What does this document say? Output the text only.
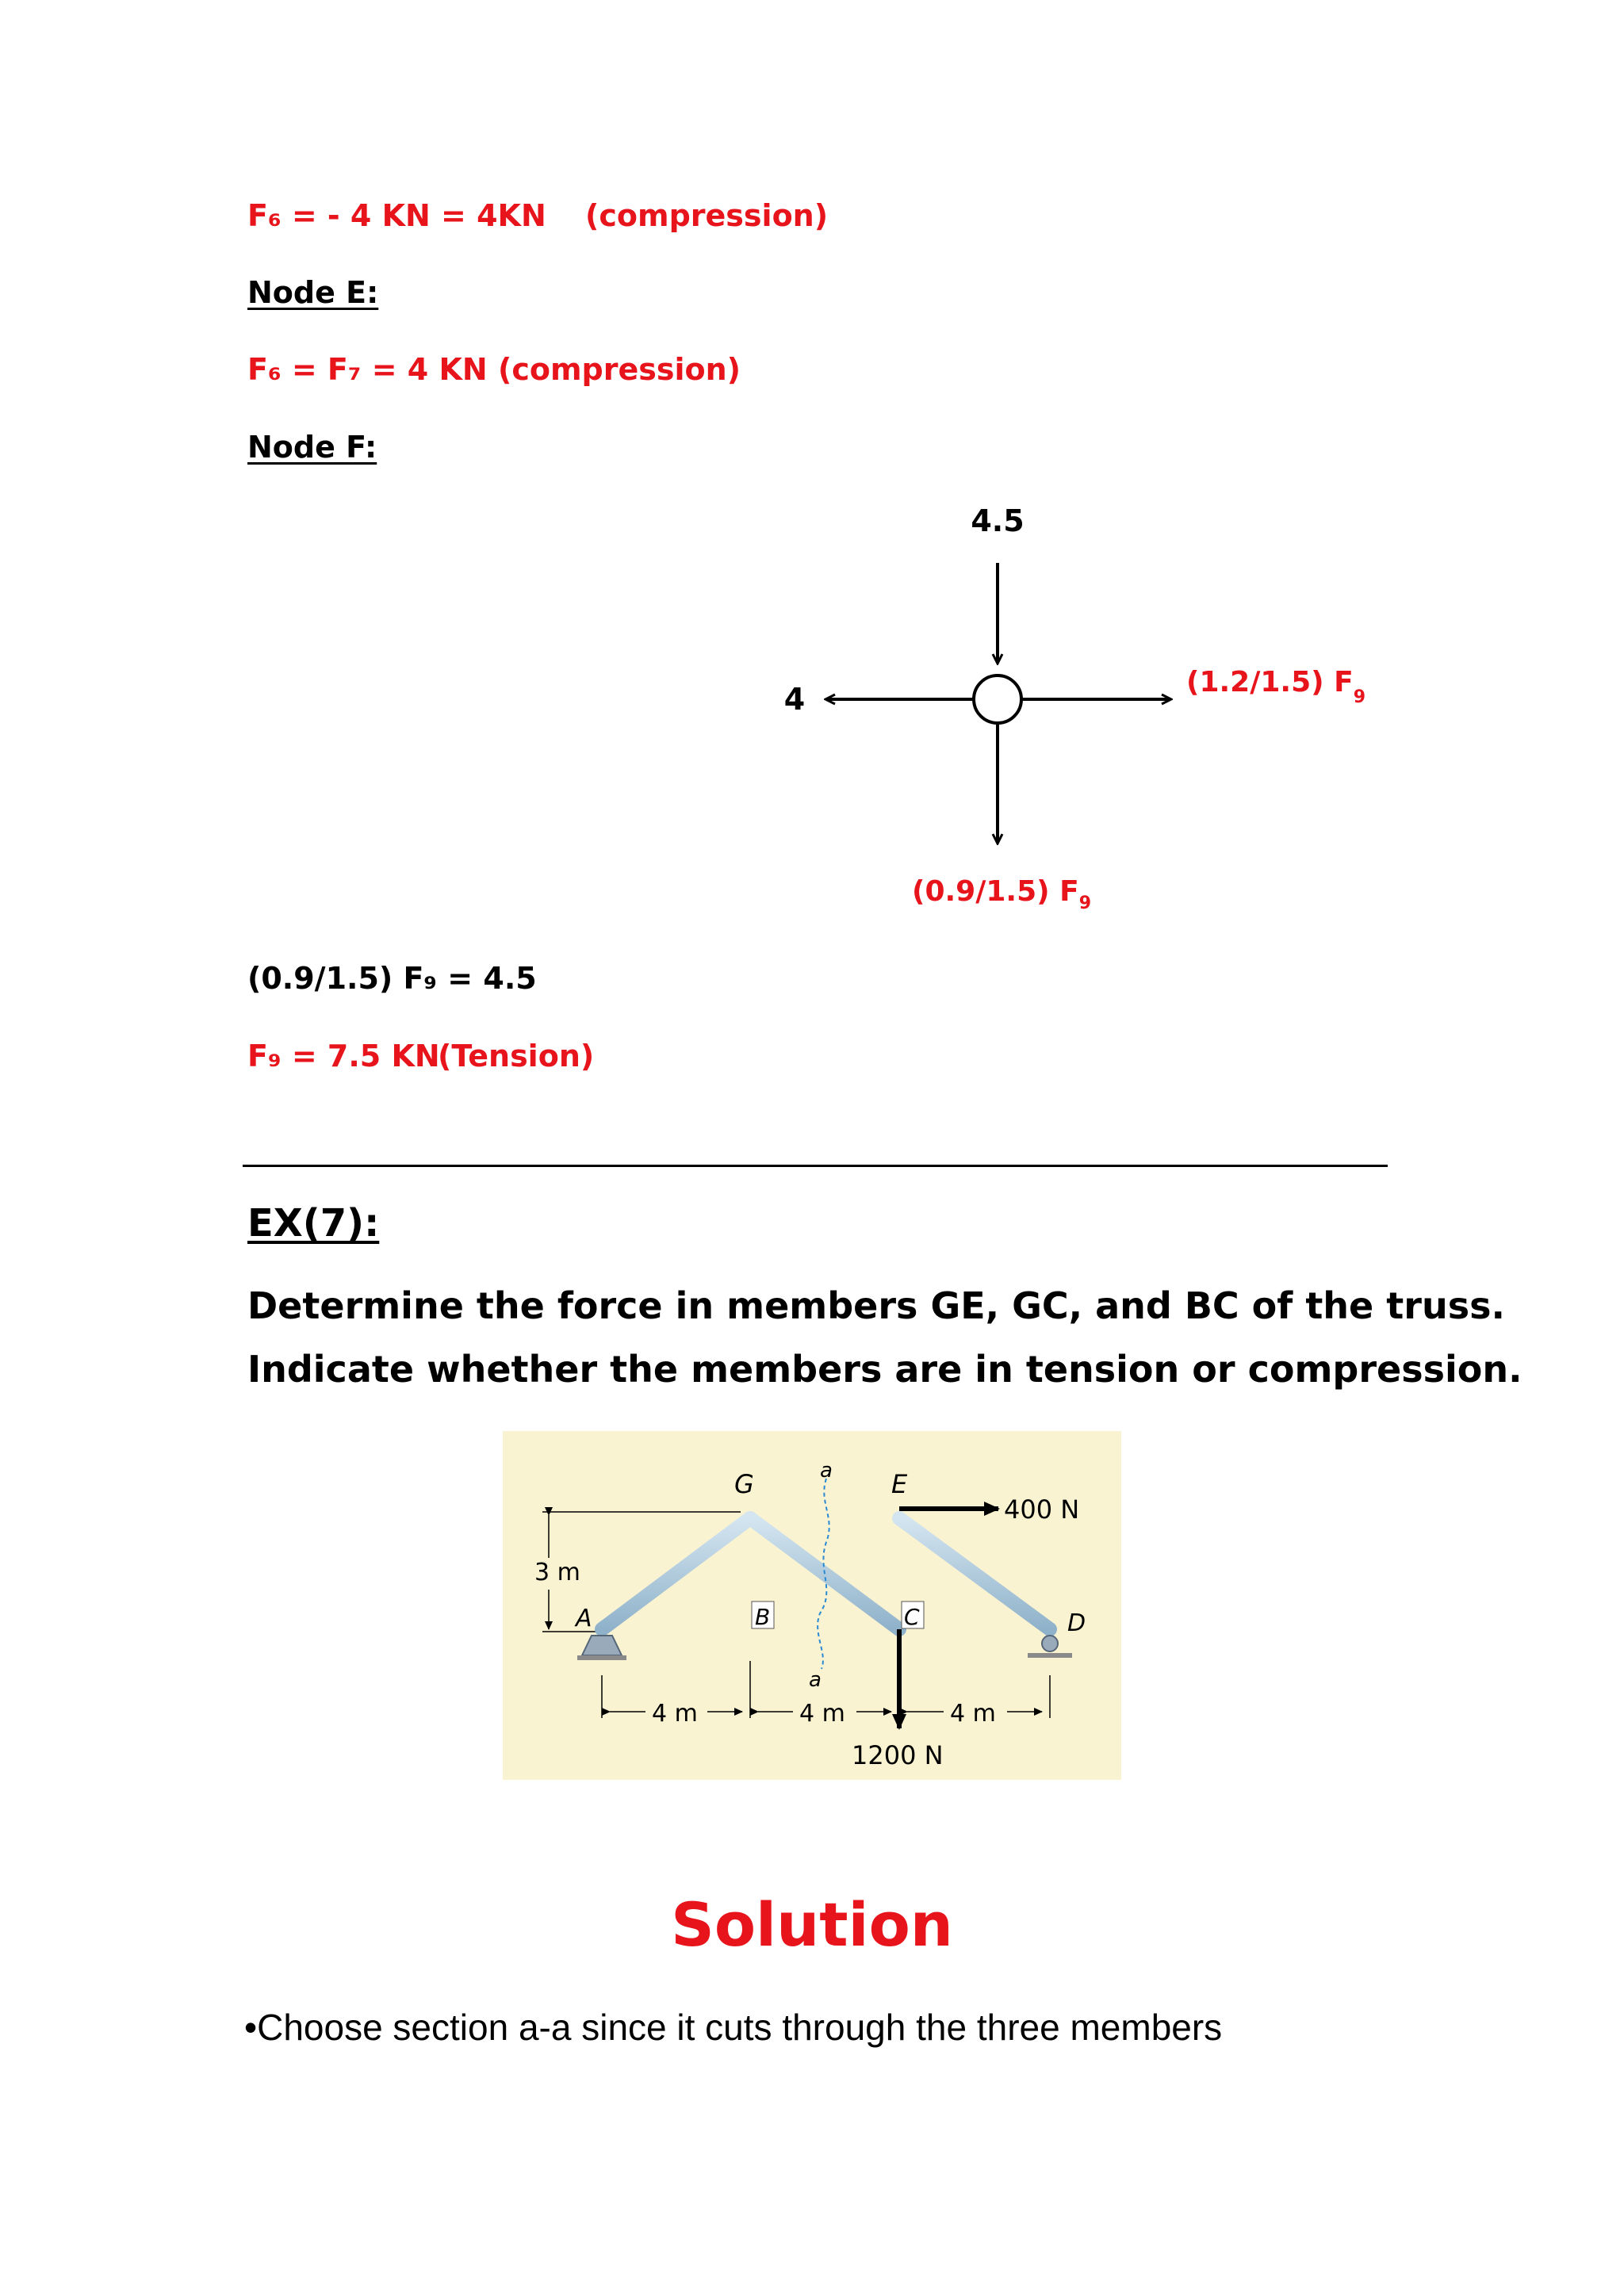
F₆ = - 4 KN = 4KN (compression)
Node E:
F₆ = F₇ = 4 KN (compression)
Node F:
4.5
4	(1.2/1.5) $F_9$
(0.9/1.5) $F_9$
(0.9/1.5) F₉ = 4.5
F₉ = 7.5 KN
(Tension)
EX(7):
Determine the force in members GE, GC, and BC of the truss.
Indicate whether the members are in tension or compression.
3 m
a
a
G	E
A	B	C	D
400 N
1200 N
4 m	4 m	4 m
Solution
•Choose section a-a since it cuts through the three members
